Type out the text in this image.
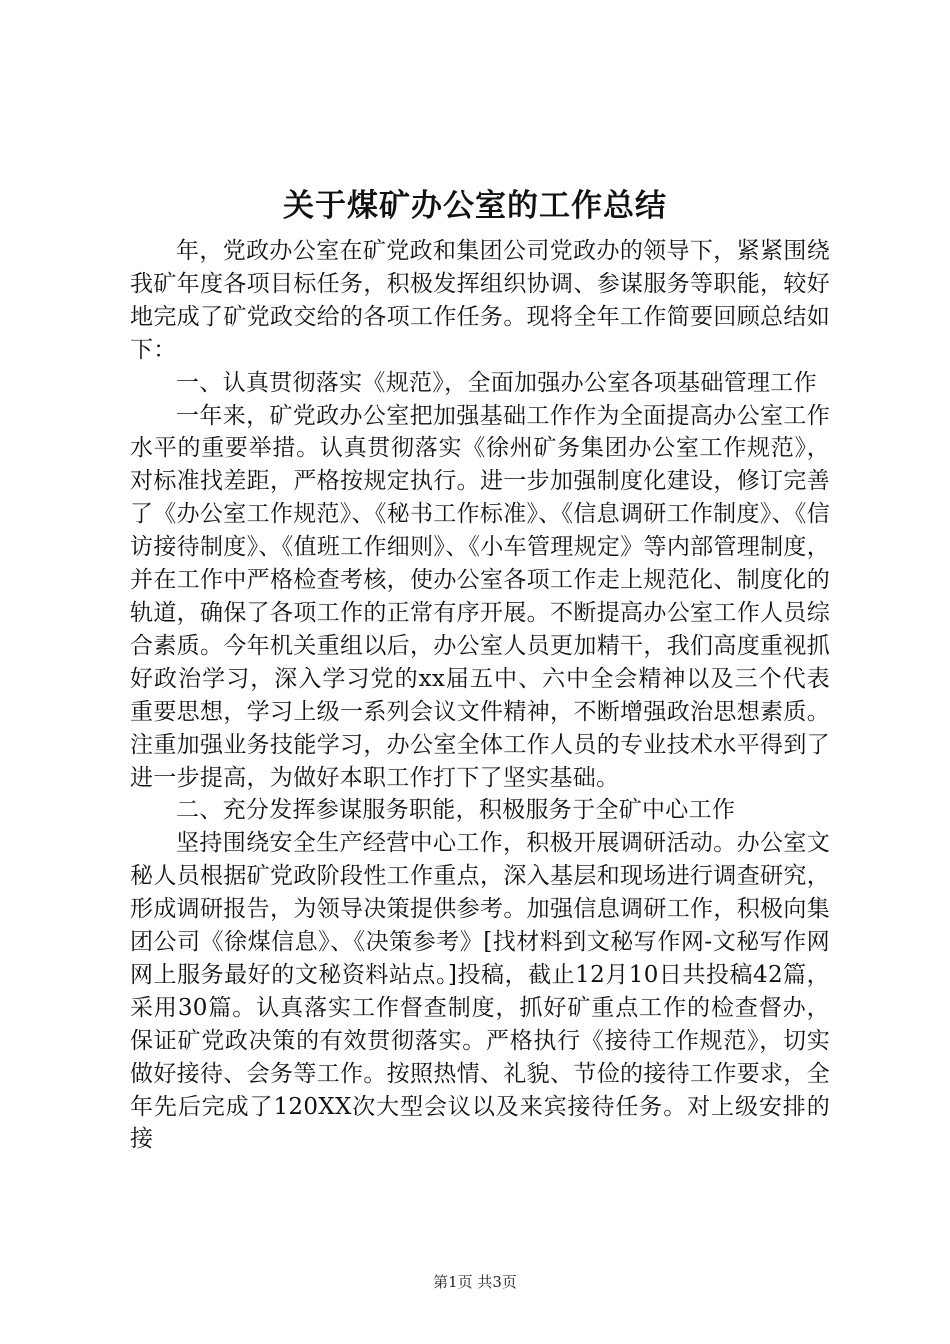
关于煤矿办公室的工作总结

年，党政办公室在矿党政和集团公司党政办的领导下，紧紧围绕我矿年度各项目标任务，积极发挥组织协调、参谋服务等职能，较好地完成了矿党政交给的各项工作任务。现将全年工作简要回顾总结如下：

一、认真贯彻落实《规范》，全面加强办公室各项基础管理工作

一年来，矿党政办公室把加强基础工作作为全面提高办公室工作水平的重要举措。认真贯彻落实《徐州矿务集团办公室工作规范》，对标准找差距，严格按规定执行。进一步加强制度化建设，修订完善了《办公室工作规范》、《秘书工作标准》、《信息调研工作制度》、《信访接待制度》、《值班工作细则》、《小车管理规定》等内部管理制度，并在工作中严格检查考核，使办公室各项工作走上规范化、制度化的轨道，确保了各项工作的正常有序开展。不断提高办公室工作人员综合素质。今年机关重组以后，办公室人员更加精干，我们高度重视抓好政治学习，深入学习党的xx届五中、六中全会精神以及三个代表重要思想，学习上级一系列会议文件精神，不断增强政治思想素质。注重加强业务技能学习，办公室全体工作人员的专业技术水平得到了进一步提高，为做好本职工作打下了坚实基础。

二、充分发挥参谋服务职能，积极服务于全矿中心工作

坚持围绕安全生产经营中心工作，积极开展调研活动。办公室文秘人员根据矿党政阶段性工作重点，深入基层和现场进行调查研究，形成调研报告，为领导决策提供参考。加强信息调研工作，积极向集团公司《徐煤信息》、《决策参考》[找材料到文秘写作网-文秘写作网网上服务最好的文秘资料站点。]投稿，截止12月10日共投稿42篇，采用30篇。认真落实工作督查制度，抓好矿重点工作的检查督办，保证矿党政决策的有效贯彻落实。严格执行《接待工作规范》，切实做好接待、会务等工作。按照热情、礼貌、节俭的接待工作要求，全年先后完成了120XX次大型会议以及来宾接待任务。对上级安排的接

第1页 共3页
